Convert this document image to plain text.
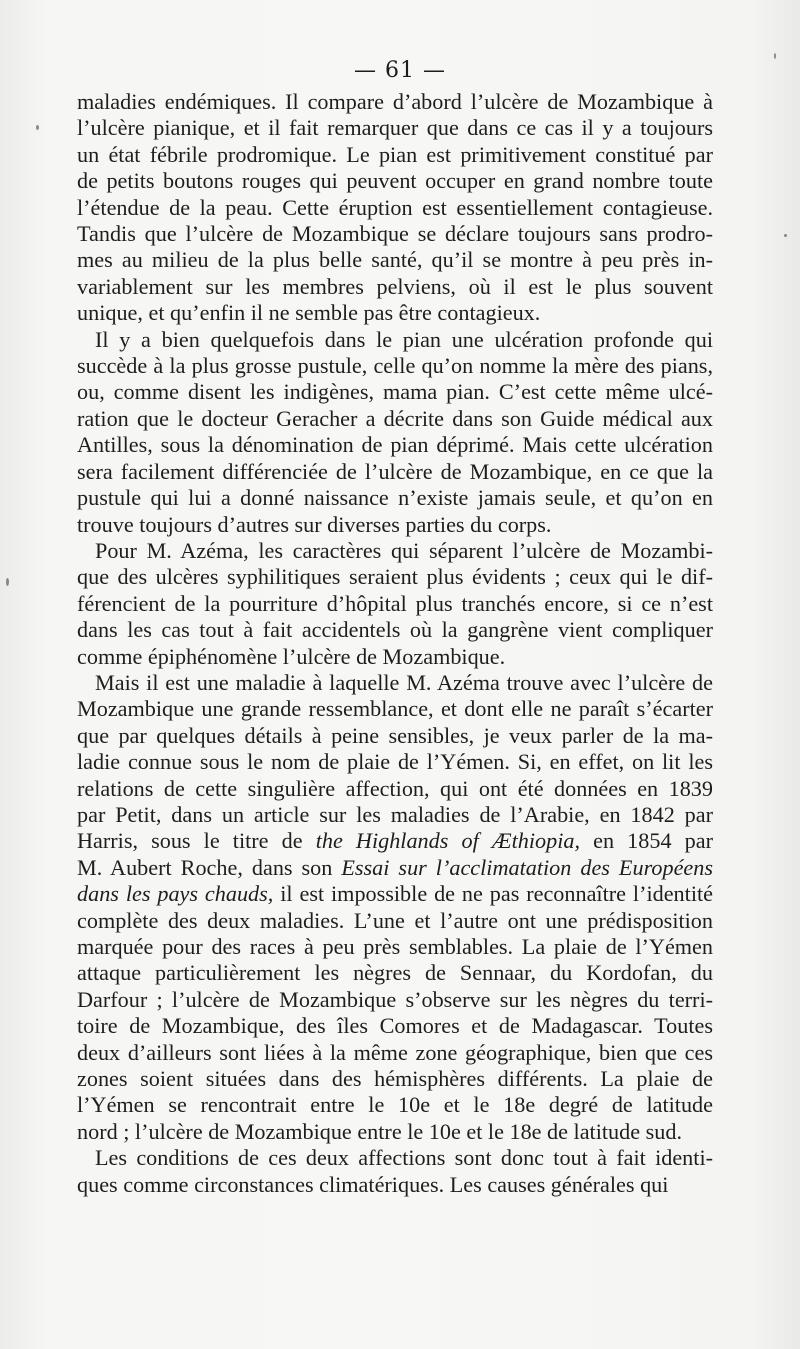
— 61 —
maladies endémiques. Il compare d’abord l’ulcère de Mozambique à
l’ulcère pianique, et il fait remarquer que dans ce cas il y a toujours
un état fébrile prodromique. Le pian est primitivement constitué par
de petits boutons rouges qui peuvent occuper en grand nombre toute
l’étendue de la peau. Cette éruption est essentiellement contagieuse.
Tandis que l’ulcère de Mozambique se déclare toujours sans prodro-
mes au milieu de la plus belle santé, qu’il se montre à peu près in-
variablement sur les membres pelviens, où il est le plus souvent
unique, et qu’enfin il ne semble pas être contagieux.
Il y a bien quelquefois dans le pian une ulcération profonde qui
succède à la plus grosse pustule, celle qu’on nomme la mère des pians,
ou, comme disent les indigènes, mama pian. C’est cette même ulcé-
ration que le docteur Geracher a décrite dans son Guide médical aux
Antilles, sous la dénomination de pian déprimé. Mais cette ulcération
sera facilement différenciée de l’ulcère de Mozambique, en ce que la
pustule qui lui a donné naissance n’existe jamais seule, et qu’on en
trouve toujours d’autres sur diverses parties du corps.
Pour M. Azéma, les caractères qui séparent l’ulcère de Mozambi-
que des ulcères syphilitiques seraient plus évidents ; ceux qui le dif-
férencient de la pourriture d’hôpital plus tranchés encore, si ce n’est
dans les cas tout à fait accidentels où la gangrène vient compliquer
comme épiphénomène l’ulcère de Mozambique.
Mais il est une maladie à laquelle M. Azéma trouve avec l’ulcère de
Mozambique une grande ressemblance, et dont elle ne paraît s’écarter
que par quelques détails à peine sensibles, je veux parler de la ma-
ladie connue sous le nom de plaie de l’Yémen. Si, en effet, on lit les
relations de cette singulière affection, qui ont été données en 1839
par Petit, dans un article sur les maladies de l’Arabie, en 1842 par
Harris, sous le titre de the Highlands of Æthiopia, en 1854 par
M. Aubert Roche, dans son Essai sur l’acclimatation des Européens
dans les pays chauds, il est impossible de ne pas reconnaître l’identité
complète des deux maladies. L’une et l’autre ont une prédisposition
marquée pour des races à peu près semblables. La plaie de l’Yémen
attaque particulièrement les nègres de Sennaar, du Kordofan, du
Darfour ; l’ulcère de Mozambique s’observe sur les nègres du terri-
toire de Mozambique, des îles Comores et de Madagascar. Toutes
deux d’ailleurs sont liées à la même zone géographique, bien que ces
zones soient situées dans des hémisphères différents. La plaie de
l’Yémen se rencontrait entre le 10e et le 18e degré de latitude
nord ; l’ulcère de Mozambique entre le 10e et le 18e de latitude sud.
Les conditions de ces deux affections sont donc tout à fait identi-
ques comme circonstances climatériques. Les causes générales qui
